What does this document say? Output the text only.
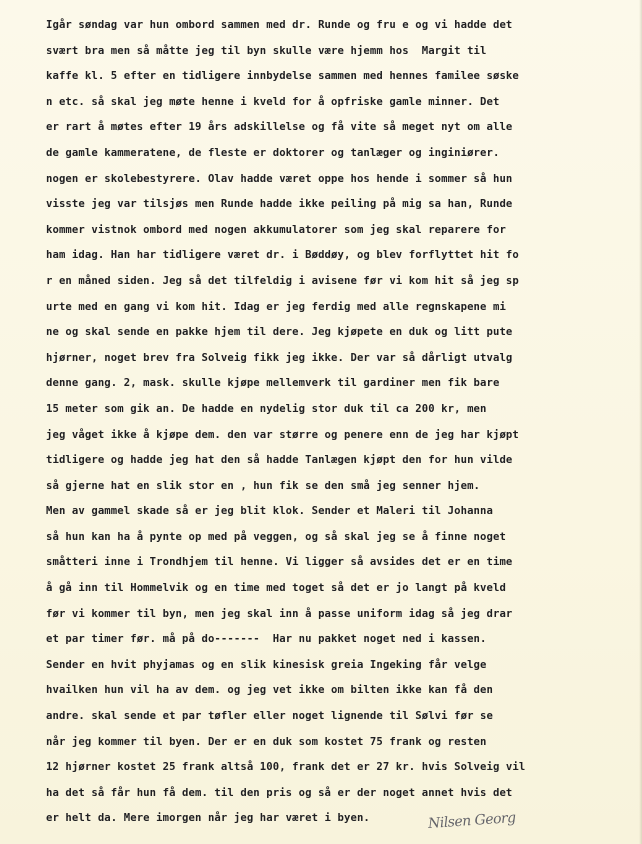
Igår søndag var hun ombord sammen med dr. Runde og fru e og vi hadde det
svært bra men så måtte jeg til byn skulle være hjemm hos  Margit til
kaffe kl. 5 efter en tidligere innbydelse sammen med hennes familee søske
n etc. så skal jeg møte henne i kveld for å opfriske gamle minner. Det
er rart å møtes efter 19 års adskillelse og få vite så meget nyt om alle
de gamle kammeratene, de fleste er doktorer og tanlæger og inginiører.
nogen er skolebestyrere. Olav hadde været oppe hos hende i sommer så hun
visste jeg var tilsjøs men Runde hadde ikke peiling på mig sa han, Runde
kommer vistnok ombord med nogen akkumulatorer som jeg skal reparere for
ham idag. Han har tidligere været dr. i Bøddøy, og blev forflyttet hit fo
r en måned siden. Jeg så det tilfeldig i avisene før vi kom hit så jeg sp
urte med en gang vi kom hit. Idag er jeg ferdig med alle regnskapene mi
ne og skal sende en pakke hjem til dere. Jeg kjøpete en duk og litt pute
hjørner, noget brev fra Solveig fikk jeg ikke. Der var så dårligt utvalg
denne gang. 2, mask. skulle kjøpe mellemverk til gardiner men fik bare
15 meter som gik an. De hadde en nydelig stor duk til ca 200 kr, men
jeg våget ikke å kjøpe dem. den var større og penere enn de jeg har kjøpt
tidligere og hadde jeg hat den så hadde Tanlægen kjøpt den for hun vilde
så gjerne hat en slik stor en , hun fik se den små jeg senner hjem.
Men av gammel skade så er jeg blit klok. Sender et Maleri til Johanna
så hun kan ha å pynte op med på veggen, og så skal jeg se å finne noget
småtteri inne i Trondhjem til henne. Vi ligger så avsides det er en time
å gå inn til Hommelvik og en time med toget så det er jo langt på kveld
før vi kommer til byn, men jeg skal inn å passe uniform idag så jeg drar
et par timer før. må på do-------  Har nu pakket noget ned i kassen.
Sender en hvit phyjamas og en slik kinesisk greia Ingeking får velge
hvailken hun vil ha av dem. og jeg vet ikke om bilten ikke kan få den
andre. skal sende et par tøfler eller noget lignende til Sølvi før se
når jeg kommer til byen. Der er en duk som kostet 75 frank og resten
12 hjørner kostet 25 frank altså 100, frank det er 27 kr. hvis Solveig vil
ha det så får hun få dem. til den pris og så er der noget annet hvis det
er helt da. Mere imorgen når jeg har været i byen.	Nilsen Georg
